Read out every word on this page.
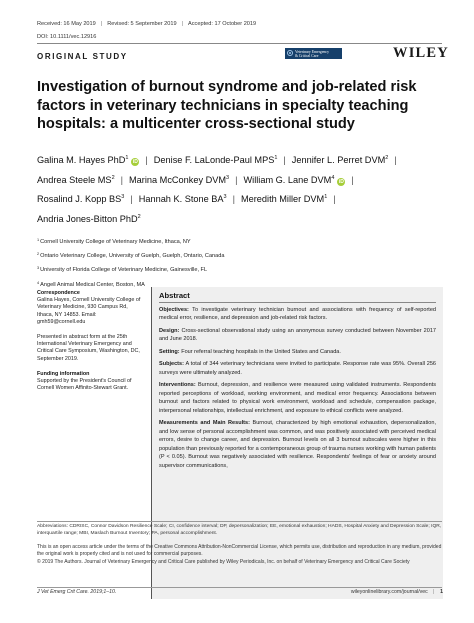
Received: 16 May 2019 | Revised: 5 September 2019 | Accepted: 17 October 2019
DOI: 10.1111/vec.12916
ORIGINAL STUDY
Veterinary Emergency
& Critical Care	WILEY
Investigation of burnout syndrome and job-related risk factors in veterinary technicians in specialty teaching hospitals: a multicenter cross-sectional study
Galina M. Hayes PhD$^1$iD | Denise F. LaLonde-Paul MPS$^1$ | Jennifer L. Perret DVM$^2$ |
Andrea Steele $MS^2$ | Marina McConkey DVM$^3$ | William G. Lane DVM$^4$iD |
Rosalind J. Kopp $BS^3$ | Hannah K. Stone $BA^3$ | Meredith Miller DVM$^1$ |
Andria Jones-Bitton PhD$^2$
$^1$Cornell University College of Veterinary Medicine, Ithaca, NY
$^2$Ontario Veterinary College, University of Guelph, Guelph, Ontario, Canada
$^3$University of Florida College of Veterinary Medicine, Gainesville, FL
$^4$Angell Animal Medical Center, Boston, MA
Correspondence
Galina Hayes, Cornell University College of Veterinary Medicine, 930 Campus Rd, Ithaca, NY 14853. Email: gmh59@cornell.edu
Presented in abstract form at the 25th International Veterinary Emergency and Critical Care Symposium, Washington, DC, September 2019.
Funding information
Supported by the President's Council of Cornell Women Affinito-Stewart Grant.
Abstract

Objectives: To investigate veterinary technician burnout and associations with frequency of self-reported medical error, resilience, and depression and job-related risk factors.

Design: Cross-sectional observational study using an anonymous survey conducted between November 2017 and June 2018.

Setting: Four referral teaching hospitals in the United States and Canada.

Subjects: A total of 344 veterinary technicians were invited to participate. Response rate was 95%. Overall 256 surveys were ultimately analyzed.

Interventions: Burnout, depression, and resilience were measured using validated instruments. Respondents reported perceptions of workload, working environment, and medical error frequency. Associations between burnout and factors related to physical work environment, workload and schedule, compensation package, interpersonal relationships, intellectual enrichment, and exposure to ethical conflicts were analyzed.

Measurements and Main Results: Burnout, characterized by high emotional exhaustion, depersonalization, and low sense of personal accomplishment was common, and was positively associated with perceived medical errors, desire to change career, and depression. Burnout levels on all 3 burnout subscales were higher in this population than previously reported for a contemporaneous group of trauma nurses working with human patients (P < 0.05). Burnout was negatively associated with resilience. Respondents' feelings of fear or anxiety around supervisor communications,

Abbreviations: CDRISC, Connor Davidson Resilience Scale; CI, confidence interval; DP, depersonalization; EE, emotional exhaustion; HADS, Hospital Anxiety and Depression Scale; IQR, interquartile range; MBI, Maslach Burnout Inventory; PA, personal accomplishment.
This is an open access article under the terms of the Creative Commons Attribution-NonCommercial License, which permits use, distribution and reproduction in any medium, provided the original work is properly cited and is not used for commercial purposes.
© 2019 The Authors. Journal of Veterinary Emergency and Critical Care published by Wiley Periodicals, Inc. on behalf of Veterinary Emergency and Critical Care Society
J Vet Emerg Crit Care. 2019;1–10.	wileyonlinelibrary.com/journal/vec | 1
